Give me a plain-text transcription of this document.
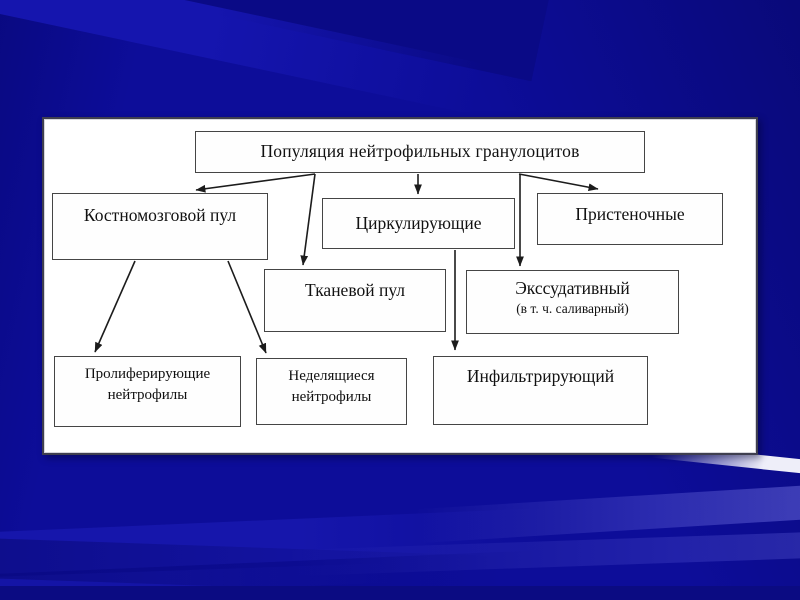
Популяция нейтрофильных гранулоцитов
Костномозговой пул	Циркулирующие	Пристеночные
Тканевой пул	Экссудативный
(в т. ч. саливарный)
Пролиферирующие нейтрофилы
Неделящиеся нейтрофилы
Инфильтрирующий
